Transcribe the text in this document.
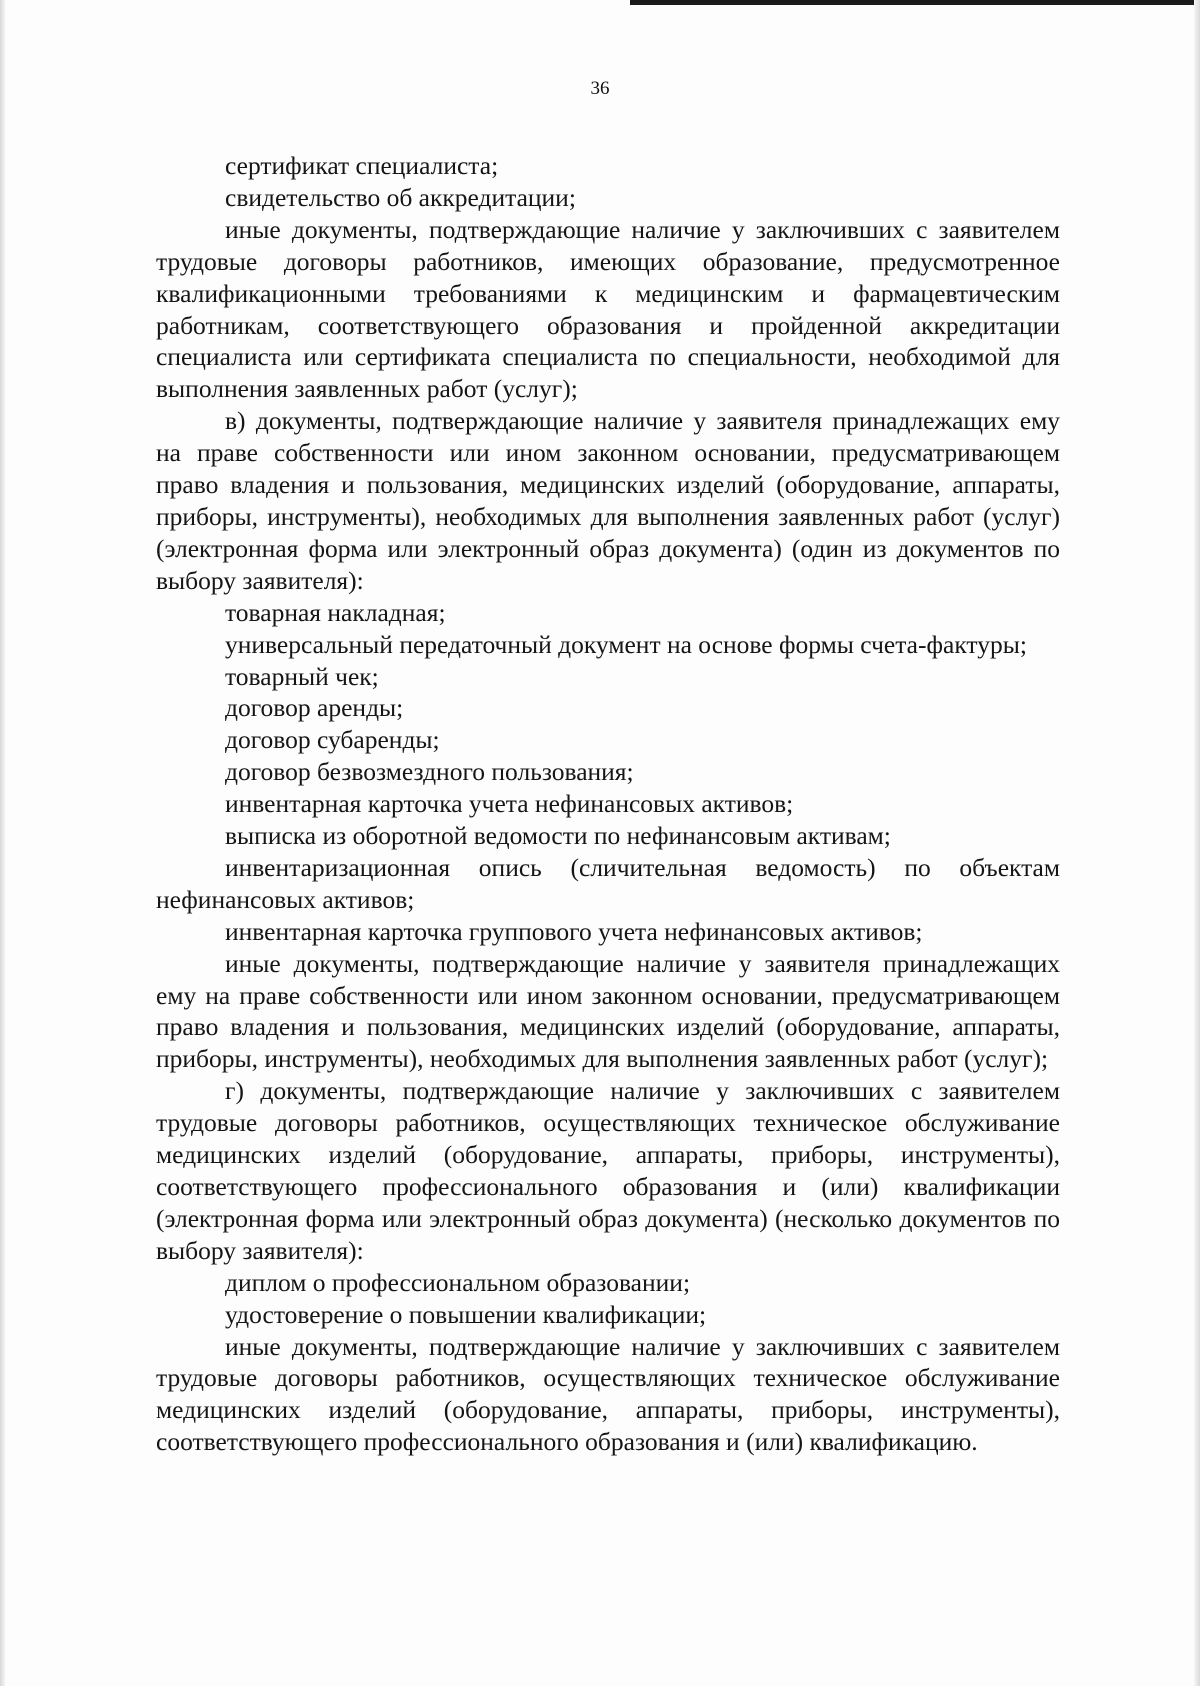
36

сертификат специалиста;

свидетельство об аккредитации;

иные документы, подтверждающие наличие у заключивших с заявителем трудовые договоры работников, имеющих образование, предусмотренное квалификационными требованиями к медицинским и фармацевтическим работникам, соответствующего образования и пройденной аккредитации специалиста или сертификата специалиста по специальности, необходимой для выполнения заявленных работ (услуг);

в) документы, подтверждающие наличие у заявителя принадлежащих ему на праве собственности или ином законном основании, предусматривающем право владения и пользования, медицинских изделий (оборудование, аппараты, приборы, инструменты), необходимых для выполнения заявленных работ (услуг) (электронная форма или электронный образ документа) (один из документов по выбору заявителя):

товарная накладная;

универсальный передаточный документ на основе формы счета-фактуры;

товарный чек;

договор аренды;

договор субаренды;

договор безвозмездного пользования;

инвентарная карточка учета нефинансовых активов;

выписка из оборотной ведомости по нефинансовым активам;

инвентаризационная опись (сличительная ведомость) по объектам нефинансовых активов;

инвентарная карточка группового учета нефинансовых активов;

иные документы, подтверждающие наличие у заявителя принадлежащих ему на праве собственности или ином законном основании, предусматривающем право владения и пользования, медицинских изделий (оборудование, аппараты, приборы, инструменты), необходимых для выполнения заявленных работ (услуг);

г) документы, подтверждающие наличие у заключивших с заявителем трудовые договоры работников, осуществляющих техническое обслуживание медицинских изделий (оборудование, аппараты, приборы, инструменты), соответствующего профессионального образования и (или) квалификации (электронная форма или электронный образ документа) (несколько документов по выбору заявителя):

диплом о профессиональном образовании;

удостоверение о повышении квалификации;

иные документы, подтверждающие наличие у заключивших с заявителем трудовые договоры работников, осуществляющих техническое обслуживание медицинских изделий (оборудование, аппараты, приборы, инструменты), соответствующего профессионального образования и (или) квалификацию.
